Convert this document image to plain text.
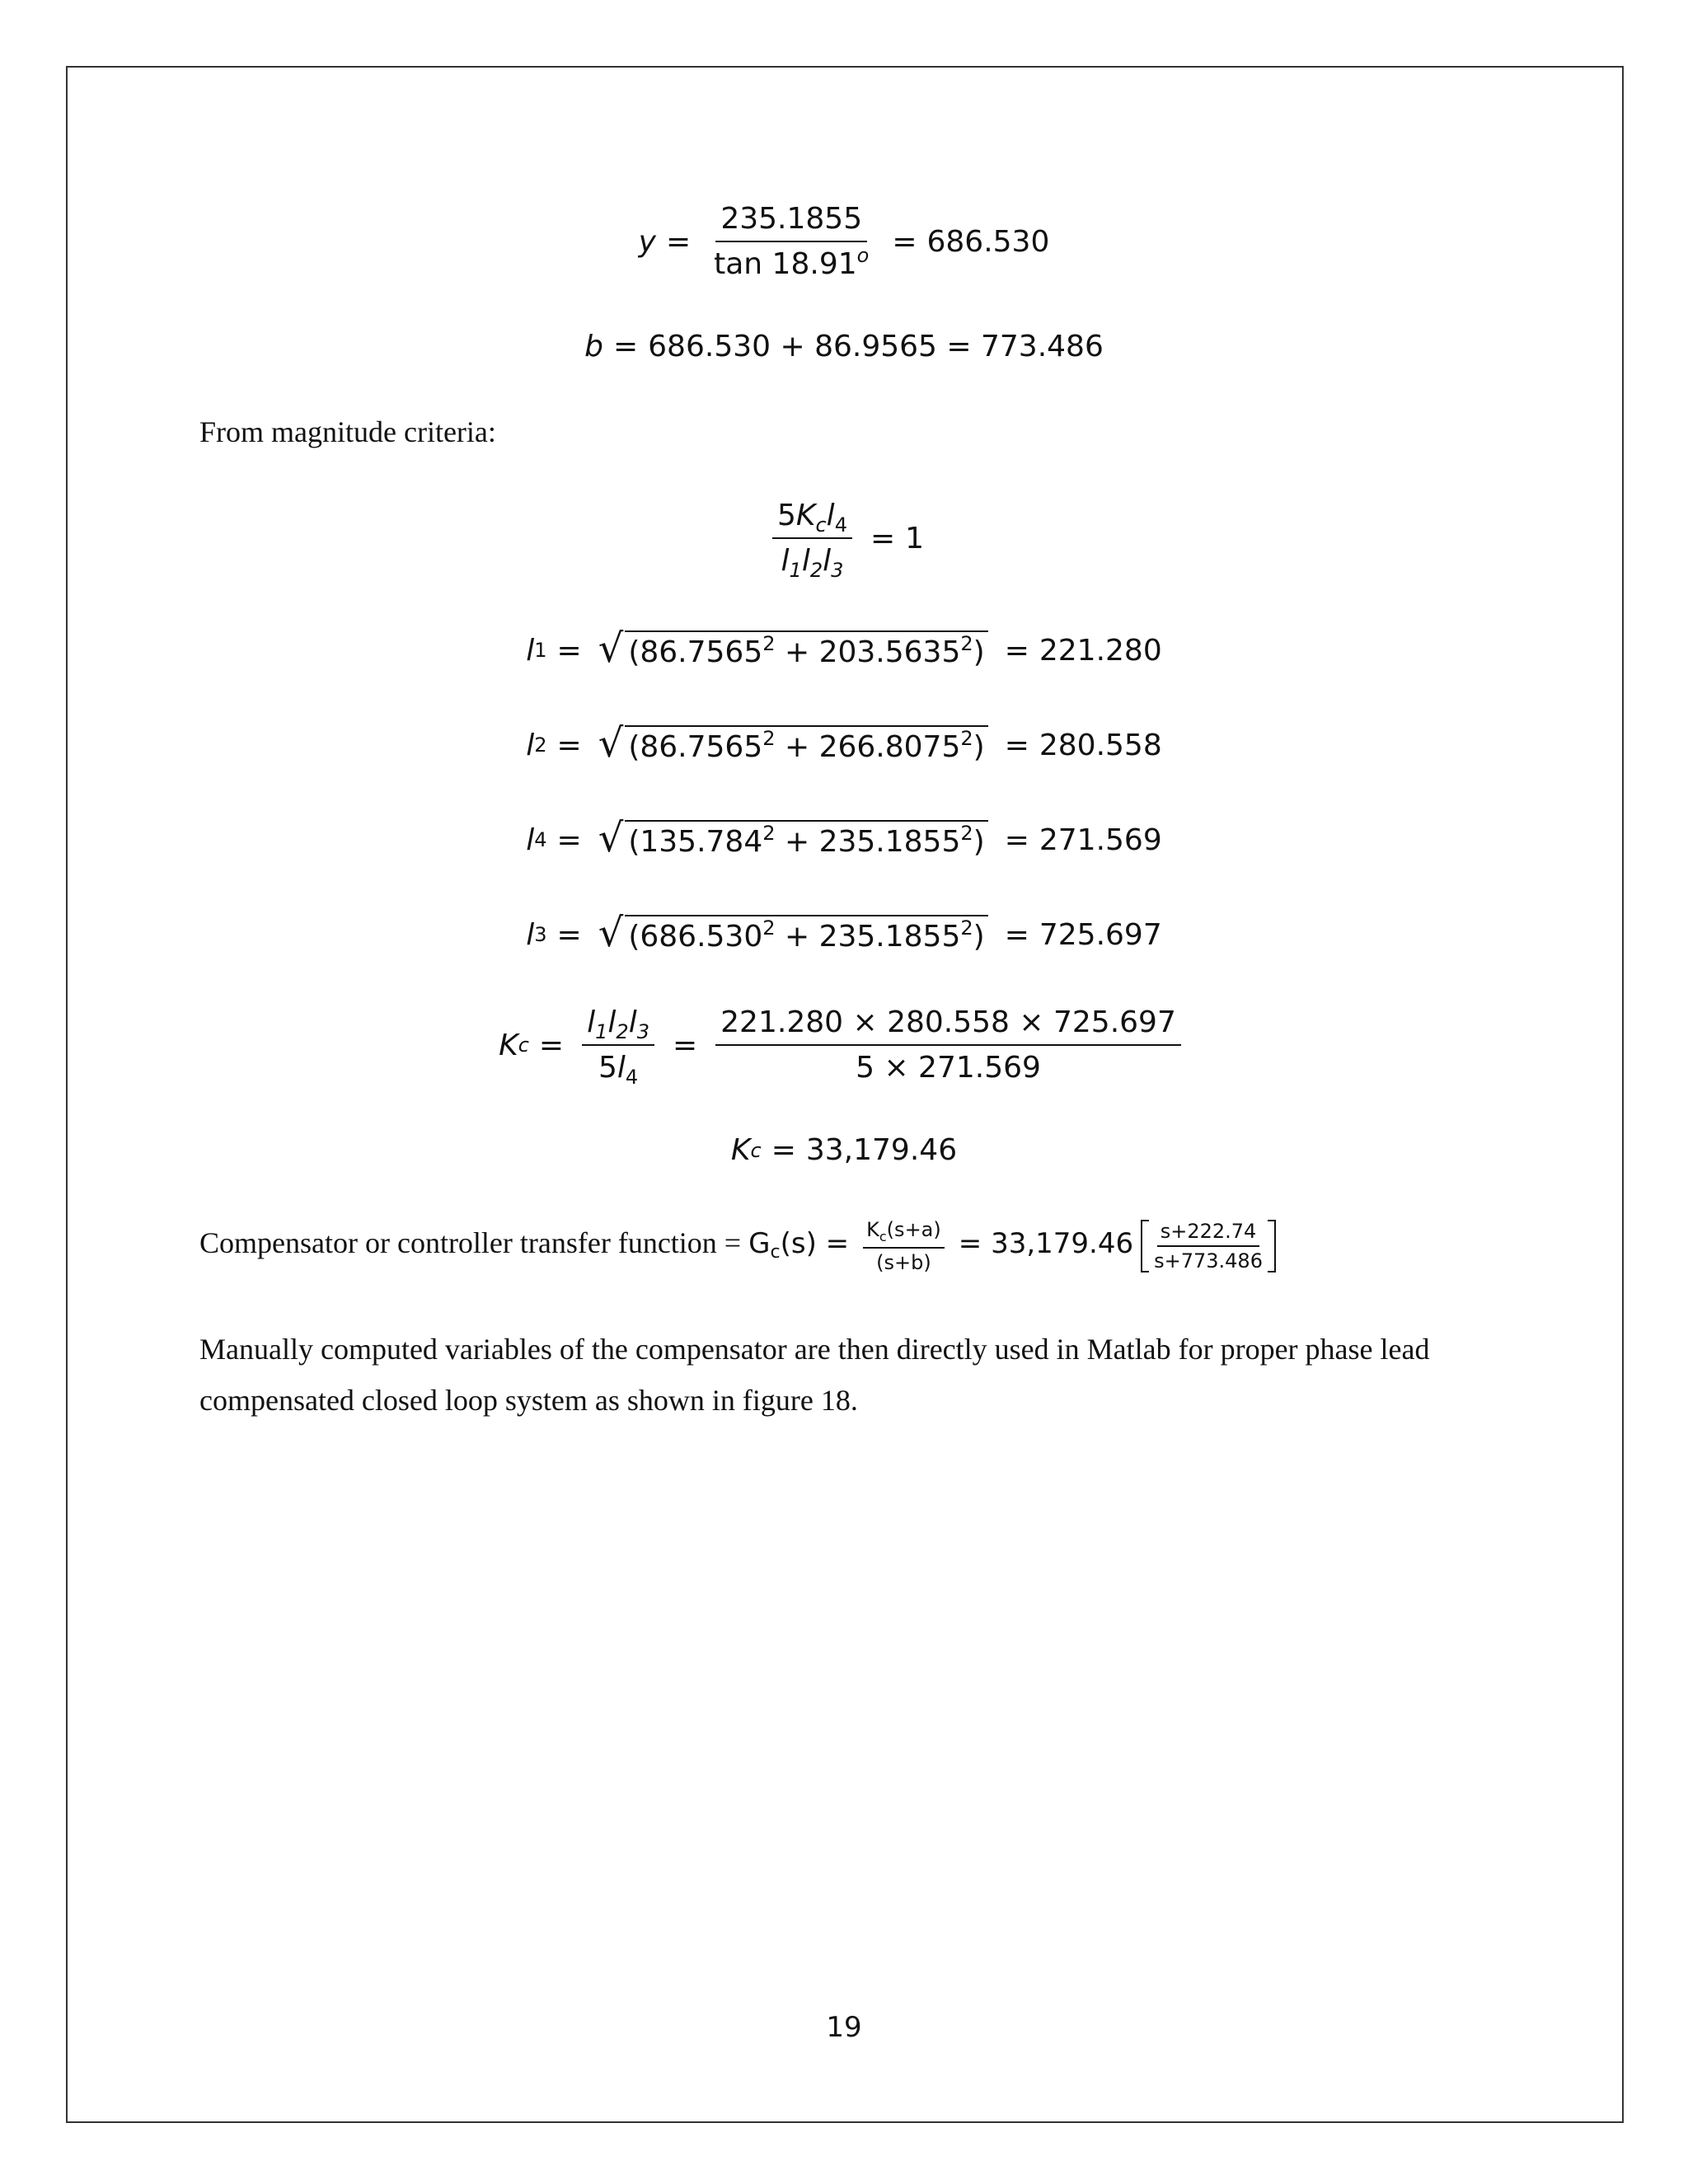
$y = \frac{235.1855}{\tan 18.91^o} = 686.530$
b = 686.530 + 86.9565 = 773.486
From magnitude criteria:
$\frac{5K_cl_4}{l_1l_2l_3} = 1$
l 1 = √ $(86.7565^2 + 203.5635^2) = 221.280$
l 2 = √ $(86.7565^2 + 266.8075^2) = 280.558$
l 4 = √ $(135.784^2 + 235.1855^2) = 271.569$
l 3 = √ $(686.530^2 + 235.1855^2) = 725.697$
K $c = \frac{l_1l_2l_3}{5l_4} = \frac{221.280 \times 280.558 \times 725.697}{5 \times 271.569}$
K c = 33,179.46
Compensator or controller transfer function = $G_c(s) = \frac{K_c(s+a)}{(s+b)} = 33,179.46 \frac{s+222.74}{s+773.486}$
Manually computed variables of the compensator are then directly used in Matlab for proper phase lead compensated closed loop system as shown in figure 18.
19
